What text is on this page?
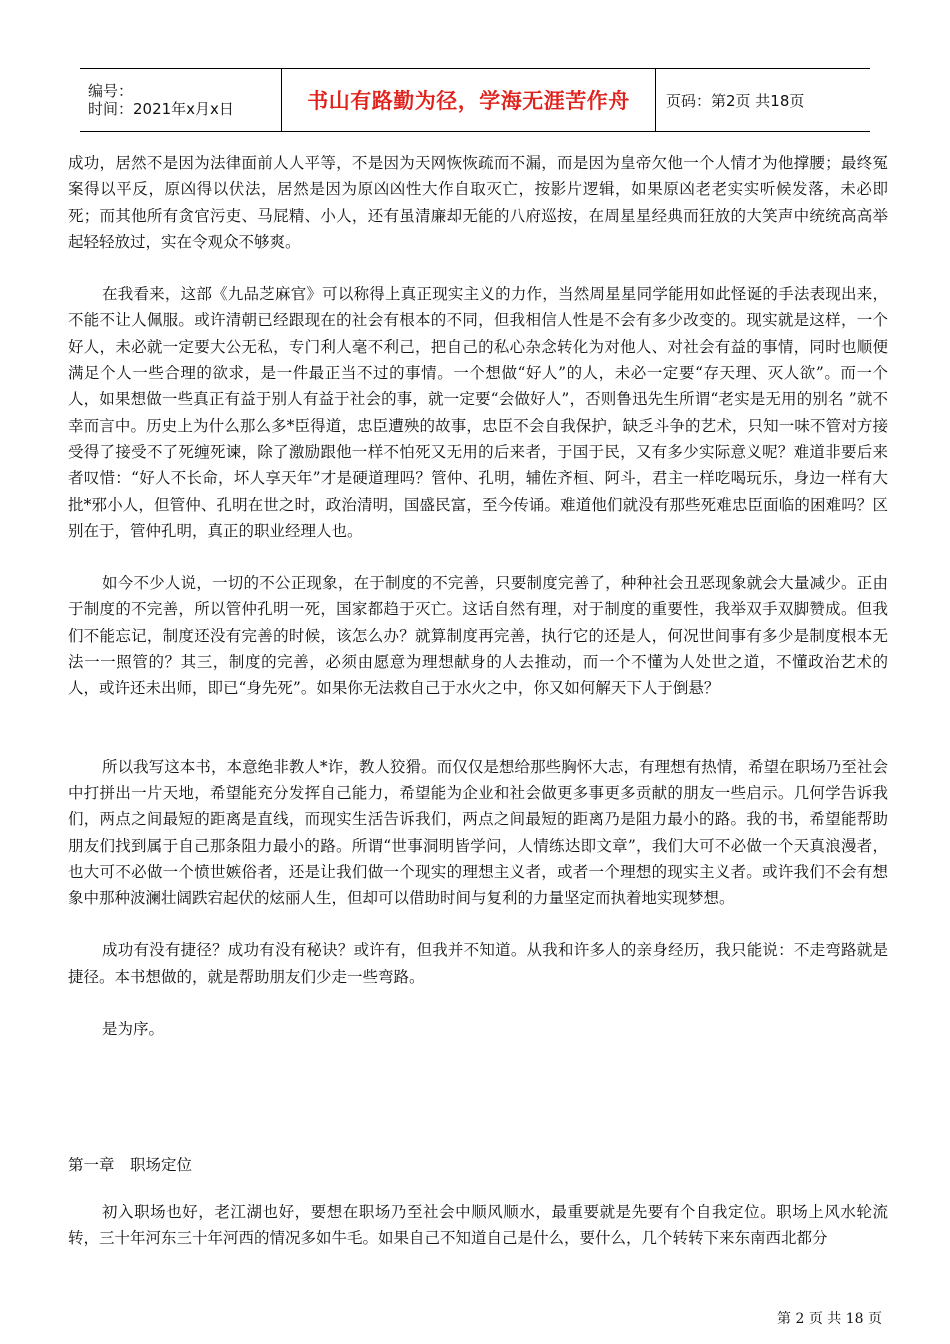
编号：
时间：2021年x月x日	书山有路勤为径，学海无涯苦作舟 页码：第2页 共18页

成功，居然不是因为法律面前人人平等，不是因为天网恢恢疏而不漏，而是因为皇帝欠他一个人情才为他撑腰；最终冤案得以平反，原凶得以伏法，居然是因为原凶凶性大作自取灭亡，按影片逻辑，如果原凶老老实实听候发落，未必即死；而其他所有贪官污吏、马屁精、小人，还有虽清廉却无能的八府巡按，在周星星经典而狂放的大笑声中统统高高举起轻轻放过，实在令观众不够爽。

在我看来，这部《九品芝麻官》可以称得上真正现实主义的力作，当然周星星同学能用如此怪诞的手法表现出来，不能不让人佩服。或许清朝已经跟现在的社会有根本的不同，但我相信人性是不会有多少改变的。现实就是这样，一个好人，未必就一定要大公无私，专门利人毫不利己，把自己的私心杂念转化为对他人、对社会有益的事情，同时也顺便满足个人一些合理的欲求，是一件最正当不过的事情。一个想做“好人”的人，未必一定要“存天理、灭人欲”。而一个人，如果想做一些真正有益于别人有益于社会的事，就一定要“会做好人”，否则鲁迅先生所谓“老实是无用的别名 ”就不幸而言中。历史上为什么那么多*臣得道，忠臣遭殃的故事，忠臣不会自我保护，缺乏斗争的艺术，只知一味不管对方接受得了接受不了死缠死谏，除了激励跟他一样不怕死又无用的后来者，于国于民，又有多少实际意义呢？难道非要后来者叹惜：“好人不长命，坏人享天年”才是硬道理吗？管仲、孔明，辅佐齐桓、阿斗，君主一样吃喝玩乐，身边一样有大批*邪小人，但管仲、孔明在世之时，政治清明，国盛民富，至今传诵。难道他们就没有那些死难忠臣面临的困难吗？区别在于，管仲孔明，真正的职业经理人也。

如今不少人说，一切的不公正现象，在于制度的不完善，只要制度完善了，种种社会丑恶现象就会大量减少。正由于制度的不完善，所以管仲孔明一死，国家都趋于灭亡。这话自然有理，对于制度的重要性，我举双手双脚赞成。但我们不能忘记，制度还没有完善的时候，该怎么办？就算制度再完善，执行它的还是人，何况世间事有多少是制度根本无法一一照管的？其三，制度的完善，必须由愿意为理想献身的人去推动，而一个不懂为人处世之道，不懂政治艺术的人，或许还未出师，即已“身先死”。如果你无法救自己于水火之中，你又如何解天下人于倒悬？

所以我写这本书，本意绝非教人*诈，教人狡猾。而仅仅是想给那些胸怀大志，有理想有热情，希望在职场乃至社会中打拼出一片天地，希望能充分发挥自己能力，希望能为企业和社会做更多事更多贡献的朋友一些启示。几何学告诉我们，两点之间最短的距离是直线，而现实生活告诉我们，两点之间最短的距离乃是阻力最小的路。我的书，希望能帮助朋友们找到属于自己那条阻力最小的路。所谓“世事洞明皆学问，人情练达即文章”，我们大可不必做一个天真浪漫者，也大可不必做一个愤世嫉俗者，还是让我们做一个现实的理想主义者，或者一个理想的现实主义者。或许我们不会有想象中那种波澜壮阔跌宕起伏的炫丽人生，但却可以借助时间与复利的力量坚定而执着地实现梦想。

成功有没有捷径？成功有没有秘诀？或许有，但我并不知道。从我和许多人的亲身经历，我只能说：不走弯路就是捷径。本书想做的，就是帮助朋友们少走一些弯路。

是为序。

第一章　职场定位

初入职场也好，老江湖也好，要想在职场乃至社会中顺风顺水，最重要就是先要有个自我定位。职场上风水轮流转，三十年河东三十年河西的情况多如牛毛。如果自己不知道自己是什么，要什么，几个转转下来东南西北都分

第 2 页 共 18 页
